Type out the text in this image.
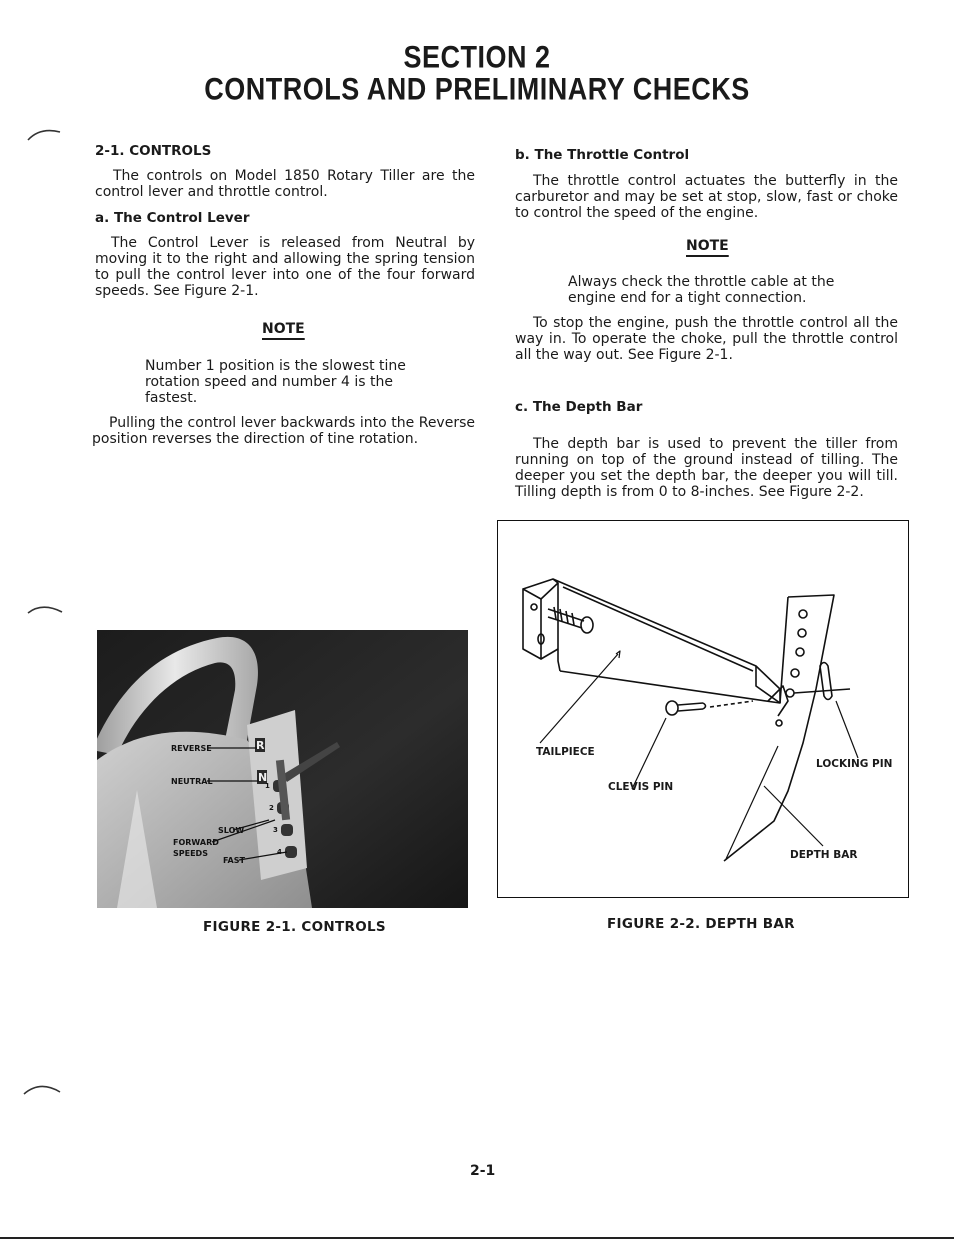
SECTION 2
CONTROLS AND PRELIMINARY CHECKS
2-1. CONTROLS
The controls on Model 1850 Rotary Tiller are the control lever and throttle control.
a. The Control Lever
The Control Lever is released from Neutral by moving it to the right and allowing the spring tension to pull the control lever into one of the four forward speeds. See Figure 2-1.
NOTE
Number 1 position is the slowest tine rotation speed and number 4 is the fastest.
Pulling the control lever backwards into the Reverse position reverses the direction of tine rotation.
b. The Throttle Control
The throttle control actuates the butterfly in the carburetor and may be set at stop, slow, fast or choke to control the speed of the engine.
NOTE
Always check the throttle cable at the engine end for a tight connection.
To stop the engine, push the throttle control all the way in. To operate the choke, pull the throttle control all the way out. See Figure 2-1.
c. The Depth Bar
The depth bar is used to prevent the tiller from running on top of the ground instead of tilling. The deeper you set the depth bar, the deeper you will till. Tilling depth is from 0 to 8-inches. See Figure 2-2.
REVERSE
NEUTRAL
SLOW
FORWARD
SPEEDS
FAST
R
N
1
2
3
4
FIGURE 2-1. CONTROLS
TAILPIECE
CLEVIS PIN
LOCKING PIN
DEPTH BAR
FIGURE 2-2. DEPTH BAR
2-1
